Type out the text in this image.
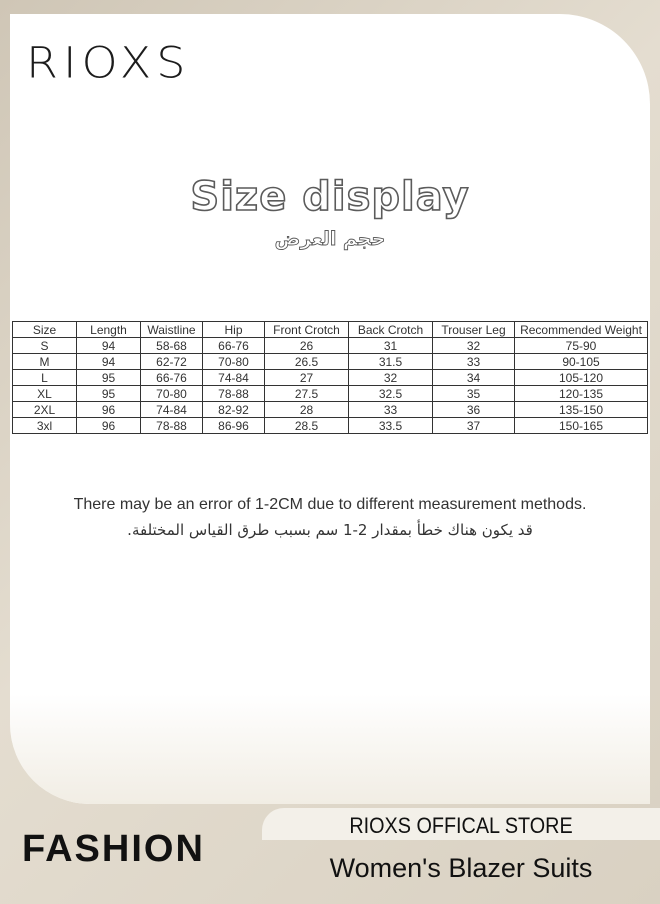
RIOXS
Size display
حجم العرض
Size	Length	Waistline	Hip	Front Crotch	Back Crotch	Trouser Leg	Recommended Weight
S	94	58-68	66-76	26	31	32	75-90
M	94	62-72	70-80	26.5	31.5	33	90-105
L	95	66-76	74-84	27	32	34	105-120
XL	95	70-80	78-88	27.5	32.5	35	120-135
2XL	96	74-84	82-92	28	33	36	135-150
3xl	96	78-88	86-96	28.5	33.5	37	150-165
There may be an error of 1-2CM due to different measurement methods.
قد يكون هناك خطأ بمقدار 2-1 سم بسبب طرق القياس المختلفة.
FASHION
RIOXS OFFICAL STORE
Women's Blazer Suits
